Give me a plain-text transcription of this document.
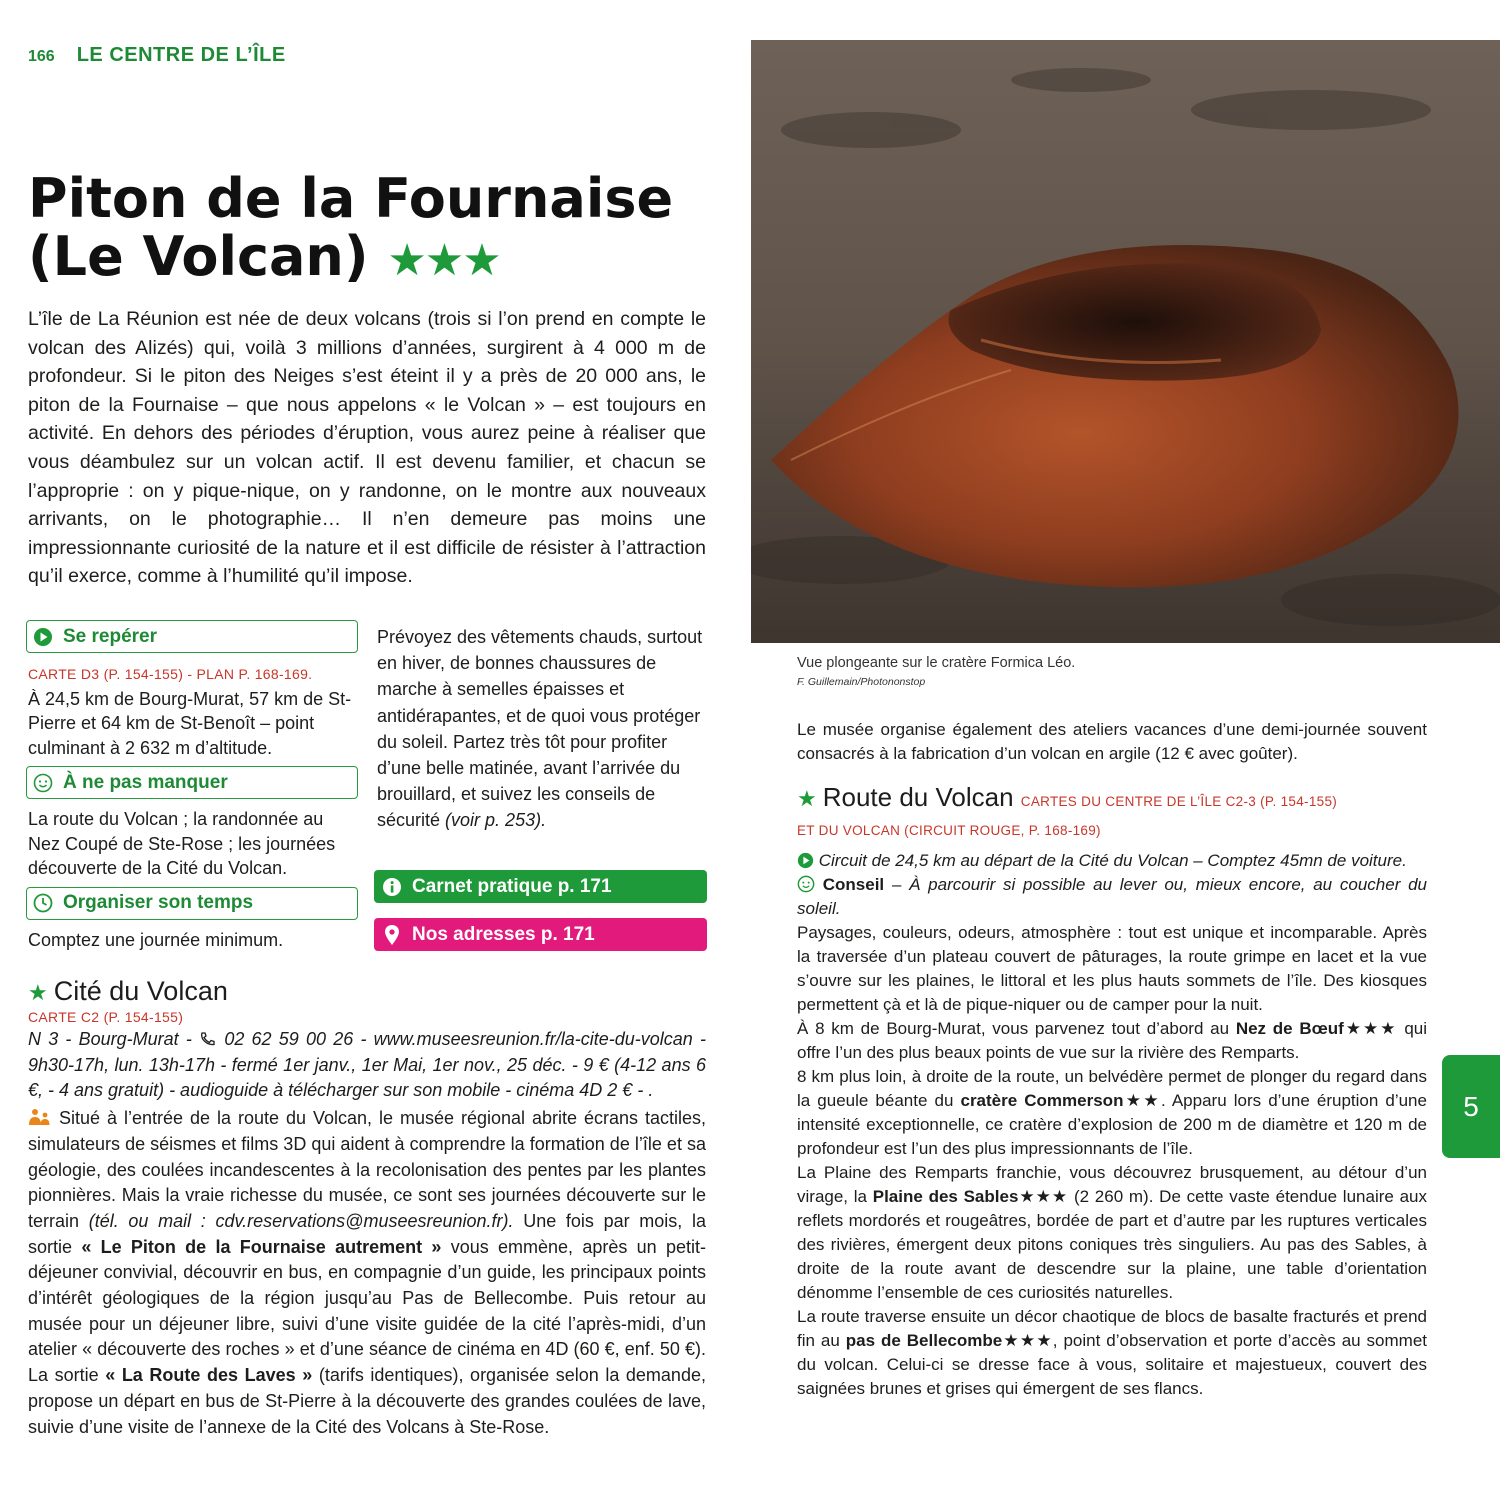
166 LE CENTRE DE L’ÎLE
Piton de la Fournaise
(Le Volcan) ★★★

L’île de La Réunion est née de deux volcans (trois si l’on prend en compte le volcan des Alizés) qui, voilà 3 millions d’années, surgirent à 4 000 m de profondeur. Si le piton des Neiges s’est éteint il y a près de 20 000 ans, le piton de la Fournaise – que nous appelons « le Volcan » – est toujours en activité. En dehors des périodes d’éruption, vous aurez peine à réaliser que vous déambulez sur un volcan actif. Il est devenu familier, et chacun se l’approprie : on y pique-nique, on y randonne, on le montre aux nouveaux arrivants, on le photographie… Il n’en demeure pas moins une impressionnante curiosité de la nature et il est difficile de résister à l’attraction qu’il exerce, comme à l’humilité qu’il impose.

Se repérer
CARTE D3 (P. 154-155) - PLAN P. 168-169.
À 24,5 km de Bourg-Murat, 57 km de St-Pierre et 64 km de St-Benoît – point culminant à 2 632 m d’altitude.
À ne pas manquer
La route du Volcan ; la randonnée au Nez Coupé de Ste-Rose ; les journées découverte de la Cité du Volcan.
Organiser son temps
Comptez une journée minimum.

Prévoyez des vêtements chauds, surtout en hiver, de bonnes chaussures de marche à semelles épaisses et antidérapantes, et de quoi vous protéger du soleil. Partez très tôt pour profiter d’une belle matinée, avant l’arrivée du brouillard, et suivez les conseils de sécurité (voir p. 253).

Carnet pratique p. 171
Nos adresses p. 171
★ Cité du Volcan
CARTE C2 (P. 154-155)

N 3 - Bourg-Murat - 02 62 59 00 26 - www.museesreunion.fr/la-cite-du-volcan - 9h30-17h, lun. 13h-17h - fermé 1er janv., 1er Mai, 1er nov., 25 déc. - 9 € (4-12 ans 6 €, - 4 ans gratuit) - audioguide à télécharger sur son mobile - cinéma 4D 2 € - .

Situé à l’entrée de la route du Volcan, le musée régional abrite écrans tactiles, simulateurs de séismes et films 3D qui aident à comprendre la formation de l’île et sa géologie, des coulées incandescentes à la recolonisation des pentes par les plantes pionnières. Mais la vraie richesse du musée, ce sont ses journées découverte sur le terrain (tél. ou mail : cdv.reservations@museesreunion.fr). Une fois par mois, la sortie « Le Piton de la Fournaise autrement » vous emmène, après un petit-déjeuner convivial, découvrir en bus, en compagnie d’un guide, les principaux points d’intérêt géologiques de la région jusqu’au Pas de Bellecombe. Puis retour au musée pour un déjeuner libre, suivi d’une visite guidée de la cité l’après-midi, d’un atelier « découverte des roches » et d’une séance de cinéma en 4D (60 €, enf. 50 €). La sortie « La Route des Laves » (tarifs identiques), organisée selon la demande, propose un départ en bus de St-Pierre à la découverte des grandes coulées de lave, suivie d’une visite de l’annexe de la Cité des Volcans à Ste-Rose.

Vue plongeante sur le cratère Formica Léo.
F. Guillemain/Photononstop

Le musée organise également des ateliers vacances d’une demi-journée souvent consacrés à la fabrication d’un volcan en argile (12 € avec goûter).

★ Route du Volcan CARTES DU CENTRE DE L’ÎLE C2-3 (P. 154-155)
ET DU VOLCAN (CIRCUIT ROUGE, P. 168-169)

Circuit de 24,5 km au départ de la Cité du Volcan – Comptez 45mn de voiture.

Conseil – À parcourir si possible au lever ou, mieux encore, au coucher du soleil.

Paysages, couleurs, odeurs, atmosphère : tout est unique et incomparable. Après la traversée d’un plateau couvert de pâturages, la route grimpe en lacet et la vue s’ouvre sur les plaines, le littoral et les plus hauts sommets de l’île. Des kiosques permettent çà et là de pique-niquer ou de camper pour la nuit.

À 8 km de Bourg-Murat, vous parvenez tout d’abord au Nez de Bœuf★★★ qui offre l’un des plus beaux points de vue sur la rivière des Remparts.

8 km plus loin, à droite de la route, un belvédère permet de plonger du regard dans la gueule béante du cratère Commerson★★. Apparu lors d’une éruption d’une intensité exceptionnelle, ce cratère d’explosion de 200 m de diamètre et 120 m de profondeur est l’un des plus impressionnants de l’île.

La Plaine des Remparts franchie, vous découvrez brusquement, au détour d’un virage, la Plaine des Sables★★★ (2 260 m). De cette vaste étendue lunaire aux reflets mordorés et rougeâtres, bordée de part et d’autre par les ruptures verticales des rivières, émergent deux pitons coniques très singuliers. Au pas des Sables, à droite de la route avant de descendre sur la plaine, une table d’orientation dénomme l’ensemble de ces curiosités naturelles.

La route traverse ensuite un décor chaotique de blocs de basalte fracturés et prend fin au pas de Bellecombe★★★, point d’observation et porte d’accès au sommet du volcan. Celui-ci se dresse face à vous, solitaire et majestueux, couvert des saignées brunes et grises qui émergent de ses flancs.

5
